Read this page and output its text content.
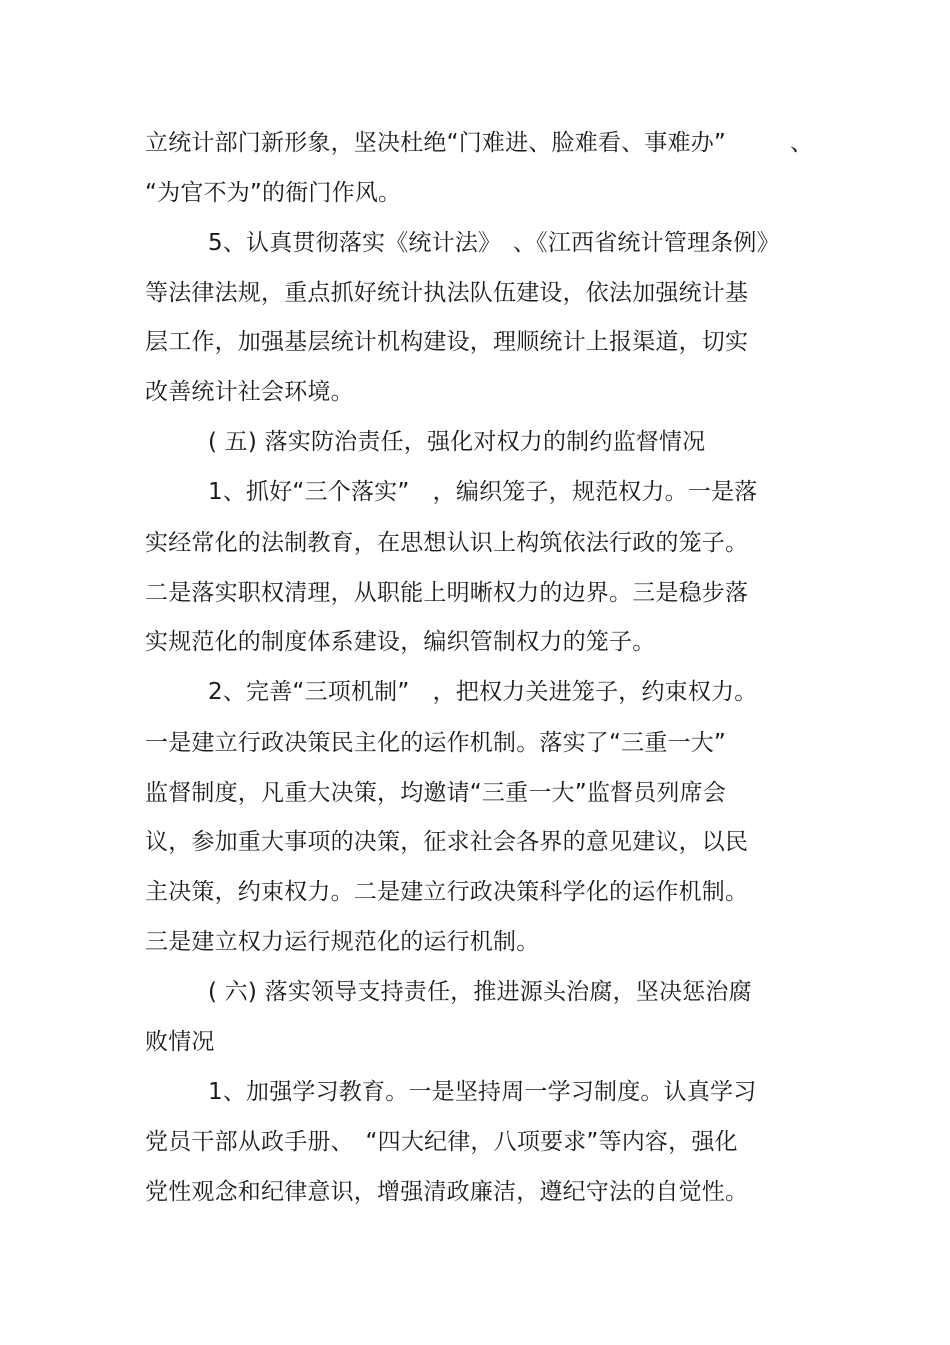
立统计部门新形象，坚决杜绝“门难进、脸难看、事难办”	、
“为官不为”的衙门作风。
5、认真贯彻落实《统计法》　、《江西省统计管理条例》
等法律法规，重点抓好统计执法队伍建设，依法加强统计基
层工作，加强基层统计机构建设，理顺统计上报渠道，切实
改善统计社会环境。
( 五) 落实防治责任，强化对权力的制约监督情况
1、抓好“三个落实”　，编织笼子，规范权力。一是落
实经常化的法制教育，在思想认识上构筑依法行政的笼子。
二是落实职权清理，从职能上明晰权力的边界。三是稳步落
实规范化的制度体系建设，编织管制权力的笼子。
2、完善“三项机制”　，把权力关进笼子，约束权力。
一是建立行政决策民主化的运作机制。落实了“三重一大”
监督制度，凡重大决策，均邀请“三重一大”监督员列席会
议，参加重大事项的决策，征求社会各界的意见建议，以民
主决策，约束权力。二是建立行政决策科学化的运作机制。
三是建立权力运行规范化的运行机制。
( 六) 落实领导支持责任，推进源头治腐，坚决惩治腐
败情况
1、加强学习教育。一是坚持周一学习制度。认真学习
党员干部从政手册、　“四大纪律，八项要求”等内容，强化
党性观念和纪律意识，增强清政廉洁，遵纪守法的自觉性。
